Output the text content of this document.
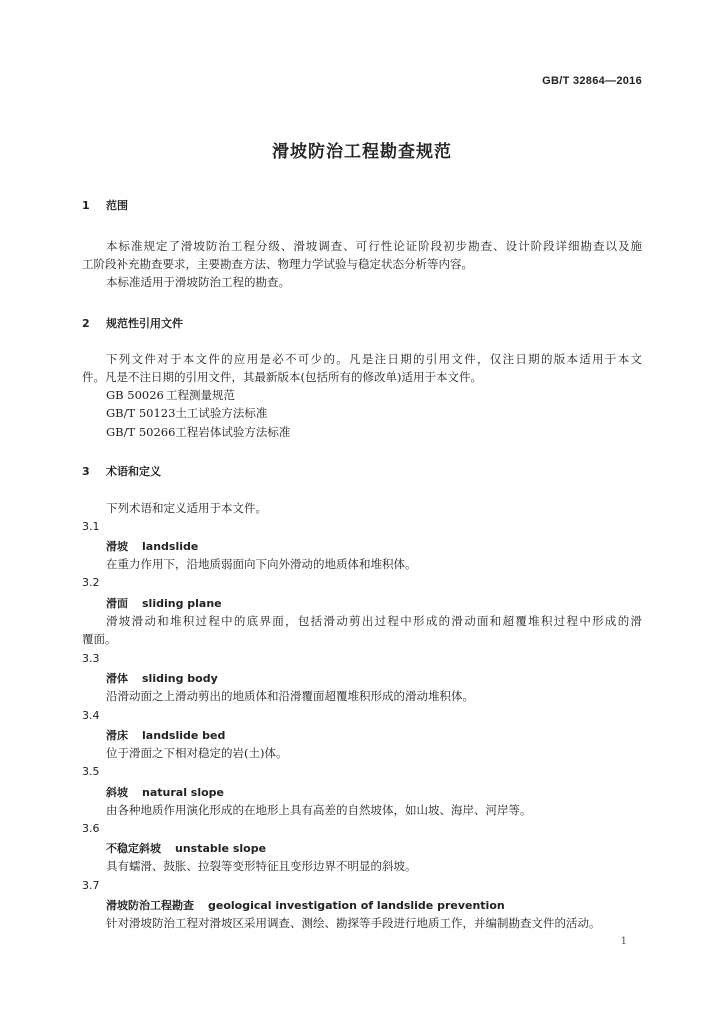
GB/T 32864—2016
滑坡防治工程勘查规范
1 范围
本标准规定了滑坡防治工程分级、滑坡调查、可行性论证阶段初步勘查、设计阶段详细勘查以及施
工阶段补充勘查要求，主要勘查方法、物理力学试验与稳定状态分析等内容。
本标准适用于滑坡防治工程的勘查。
2 规范性引用文件
下列文件对于本文件的应用是必不可少的。凡是注日期的引用文件，仅注日期的版本适用于本文
件。凡是不注日期的引用文件，其最新版本(包括所有的修改单)适用于本文件。
GB 50026 工程测量规范
GB/T 50123土工试验方法标准
GB/T 50266工程岩体试验方法标准
3 术语和定义
下列术语和定义适用于本文件。
3.1
滑坡 landslide
在重力作用下，沿地质弱面向下向外滑动的地质体和堆积体。
3.2
滑面 sliding plane
滑坡滑动和堆积过程中的底界面，包括滑动剪出过程中形成的滑动面和超覆堆积过程中形成的滑
覆面。
3.3
滑体 sliding body
沿滑动面之上滑动剪出的地质体和沿滑覆面超覆堆积形成的滑动堆积体。
3.4
滑床 landslide bed
位于滑面之下相对稳定的岩(土)体。
3.5
斜坡 natural slope
由各种地质作用演化形成的在地形上具有高差的自然坡体，如山坡、海岸、河岸等。
3.6
不稳定斜坡 unstable slope
具有蠕滑、鼓胀、拉裂等变形特征且变形边界不明显的斜坡。
3.7
滑坡防治工程勘查 geological investigation of landslide prevention
针对滑坡防治工程对滑坡区采用调查、测绘、勘探等手段进行地质工作，并编制勘查文件的活动。
1
